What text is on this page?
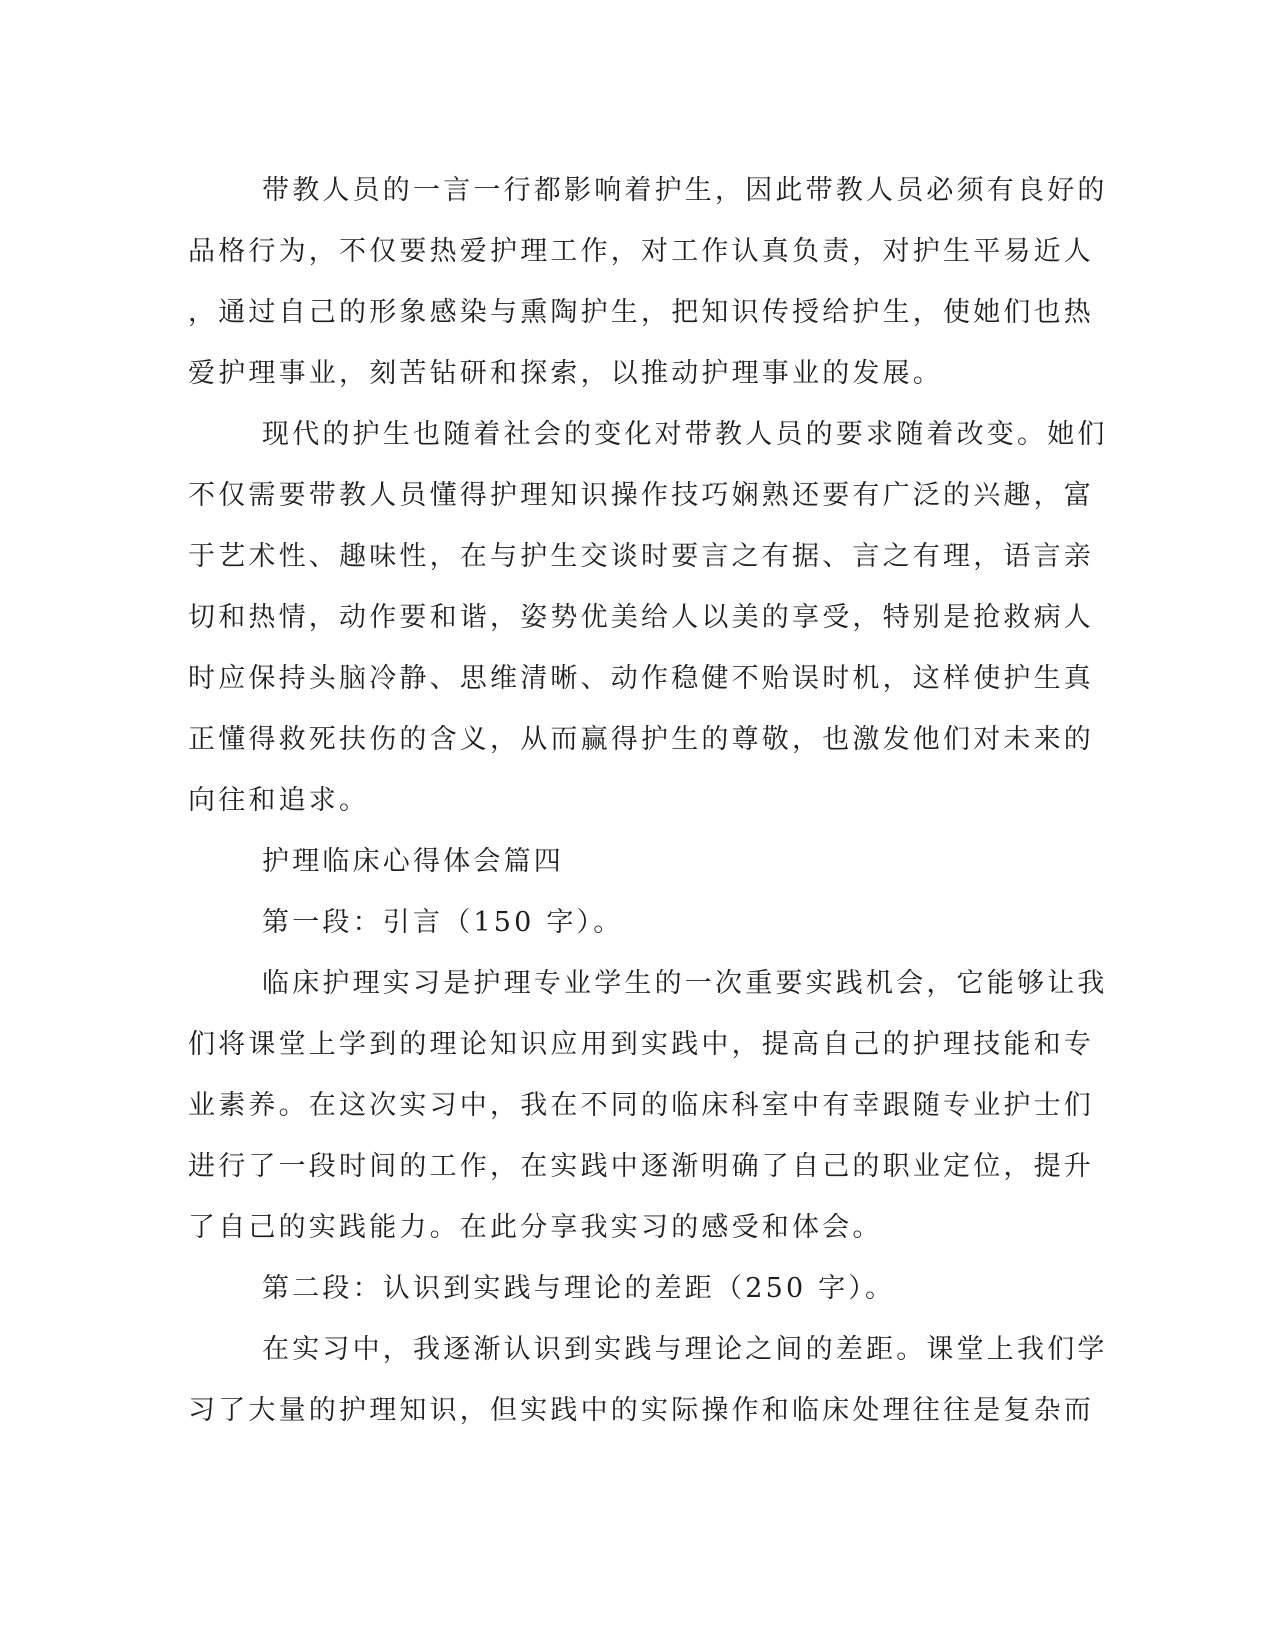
带教人员的一言一行都影响着护生，因此带教人员必须有良好的
品格行为，不仅要热爱护理工作，对工作认真负责，对护生平易近人
，通过自己的形象感染与熏陶护生，把知识传授给护生，使她们也热
爱护理事业，刻苦钻研和探索，以推动护理事业的发展。
现代的护生也随着社会的变化对带教人员的要求随着改变。她们
不仅需要带教人员懂得护理知识操作技巧娴熟还要有广泛的兴趣，富
于艺术性、趣味性，在与护生交谈时要言之有据、言之有理，语言亲
切和热情，动作要和谐，姿势优美给人以美的享受，特别是抢救病人
时应保持头脑冷静、思维清晰、动作稳健不贻误时机，这样使护生真
正懂得救死扶伤的含义，从而赢得护生的尊敬，也激发他们对未来的
向往和追求。
护理临床心得体会篇四
第一段：引言（150 字）。
临床护理实习是护理专业学生的一次重要实践机会，它能够让我
们将课堂上学到的理论知识应用到实践中，提高自己的护理技能和专
业素养。在这次实习中，我在不同的临床科室中有幸跟随专业护士们
进行了一段时间的工作，在实践中逐渐明确了自己的职业定位，提升
了自己的实践能力。在此分享我实习的感受和体会。
第二段：认识到实践与理论的差距（250 字）。
在实习中，我逐渐认识到实践与理论之间的差距。课堂上我们学
习了大量的护理知识，但实践中的实际操作和临床处理往往是复杂而
